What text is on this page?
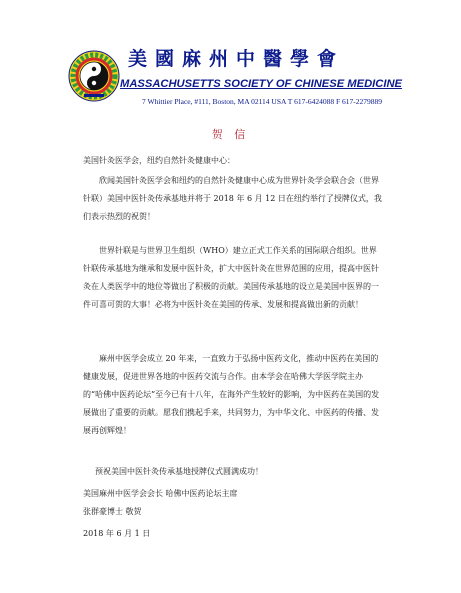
美國麻州中醫學會
MASSACHUSETTS SOCIETY OF CHINESE MEDICINE
7 Whittier Place, #111, Boston, MA 02114 USA T 617-6424088 F 617-2279889
贺 信

美国针灸医学会，纽约自然针灸健康中心：

欣闻美国针灸医学会和纽约的自然针灸健康中心成为世界针灸学会联合会（世界针联）美国中医针灸传承基地并将于 2018 年 6 月 12 日在纽约举行了授牌仪式，我们表示热烈的祝贺！

世界针联是与世界卫生组织（WHO）建立正式工作关系的国际联合组织。世界针联传承基地为继承和发展中医针灸，扩大中医针灸在世界范围的应用，提高中医针灸在人类医学中的地位等做出了积极的贡献。美国传承基地的设立是美国中医界的一件可喜可贺的大事！必将为中医针灸在美国的传承、发展和提高做出新的贡献！

麻州中医学会成立 20 年来，一直致力于弘扬中医药文化，推动中医药在美国的健康发展，促进世界各地的中医药交流与合作。由本学会在哈佛大学医学院主办的“哈佛中医药论坛”至今已有十八年，在海外产生较好的影响，为中医药在美国的发展做出了重要的贡献。愿我们携起手来，共同努力，为中华文化、中医药的传播、发展再创辉煌！

预祝美国中医针灸传承基地授牌仪式圆满成功！

美国麻州中医学会会长 哈佛中医药论坛主席

张群豪博士 敬贺

2018 年 6 月 1 日
